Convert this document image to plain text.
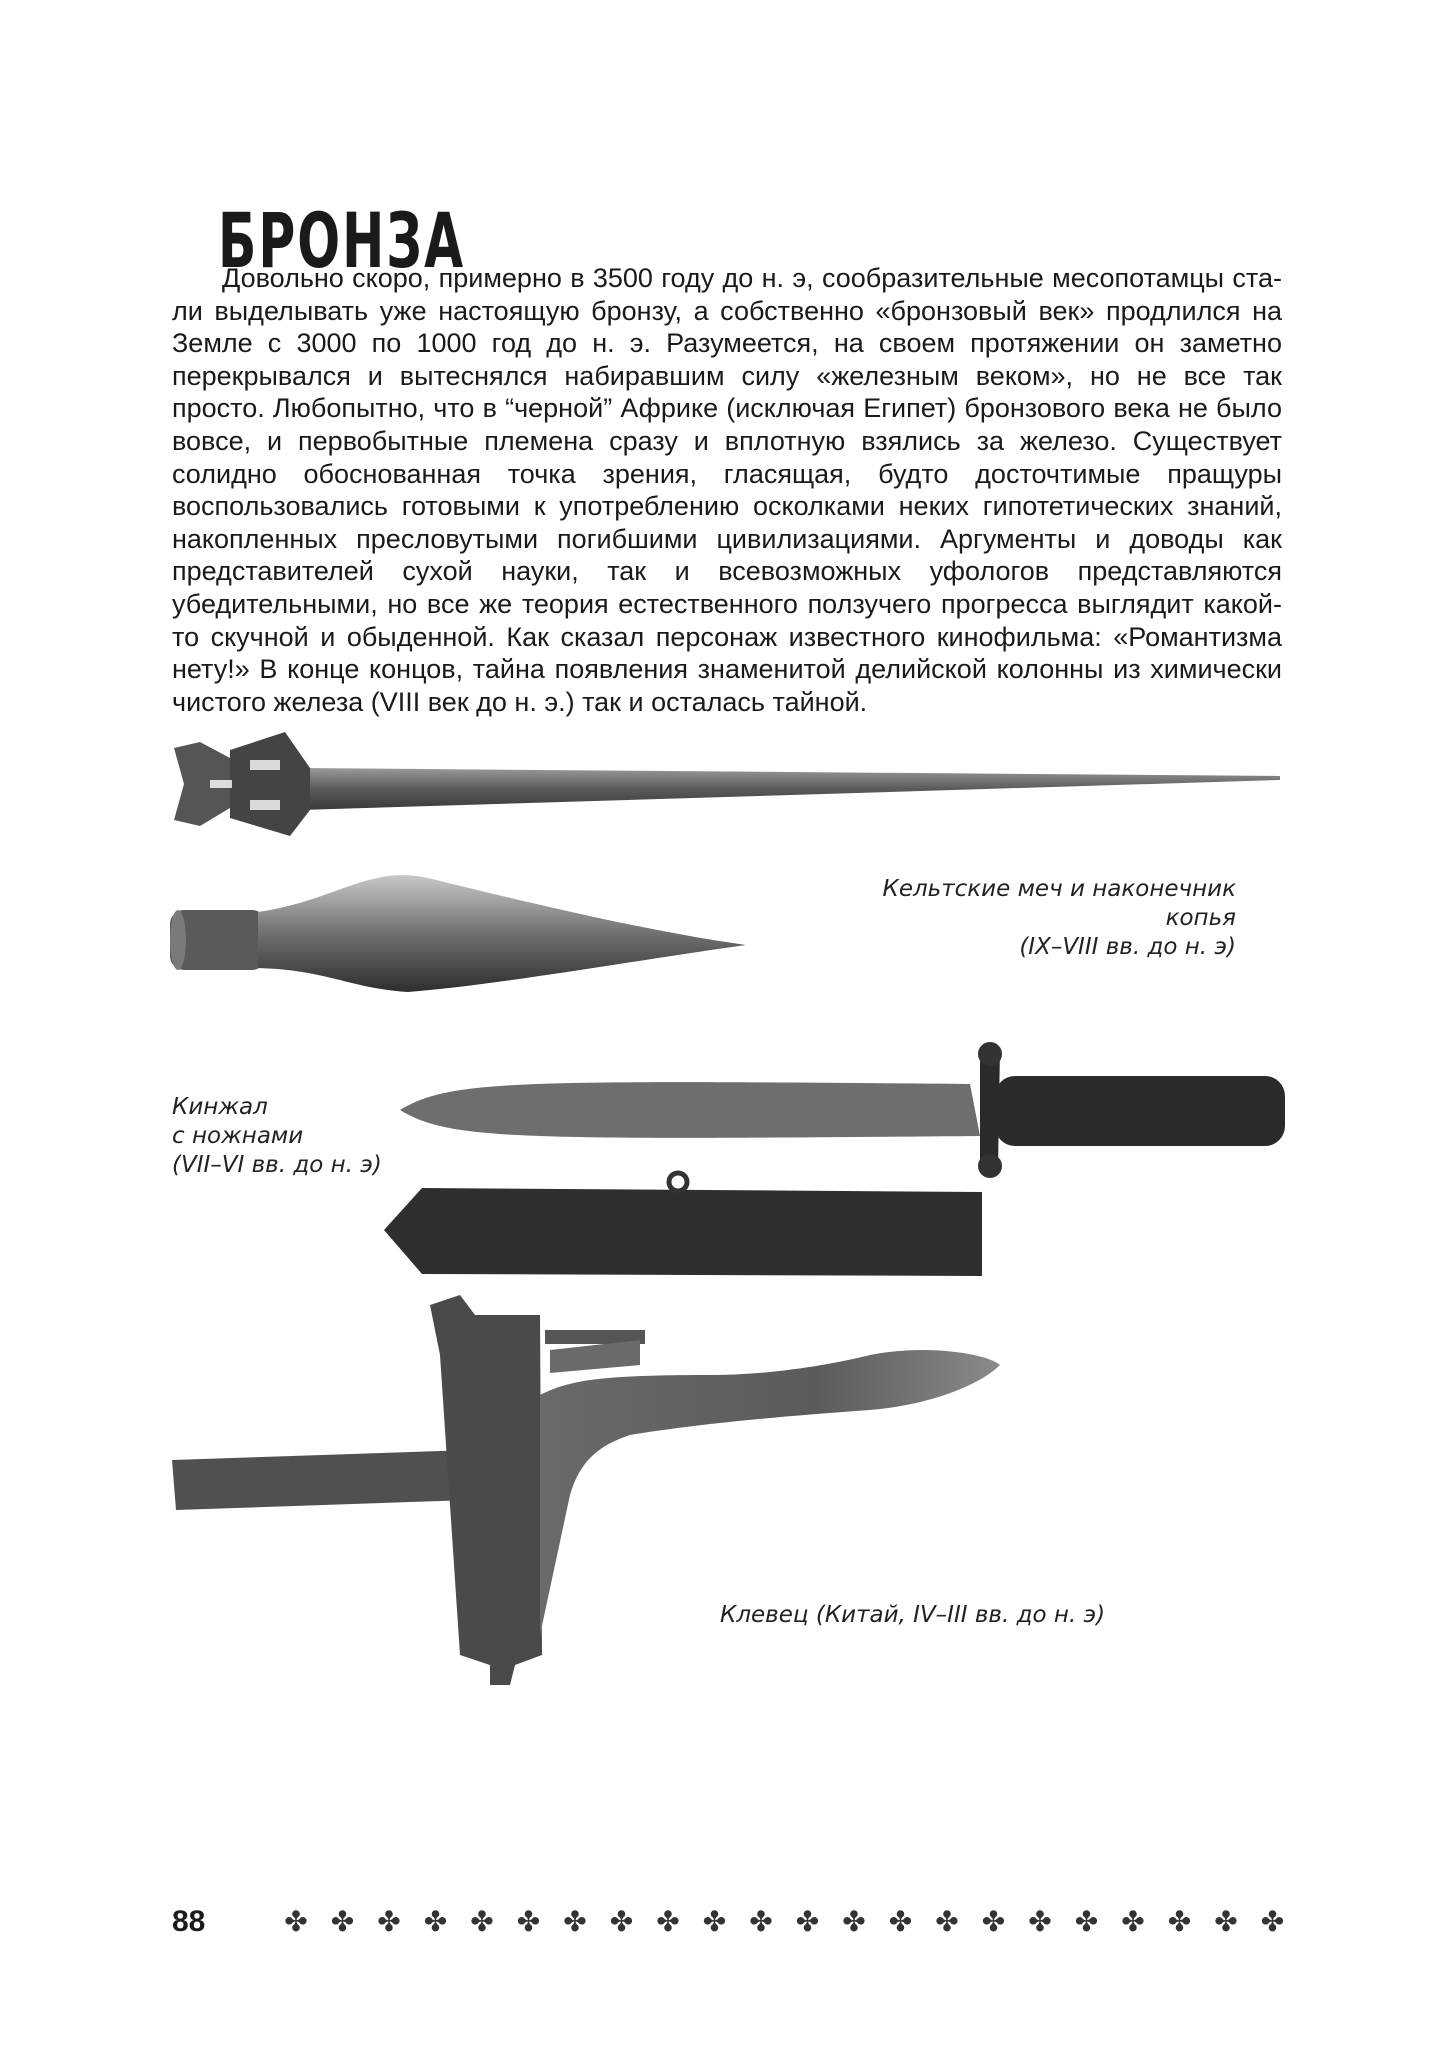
БРОНЗА
Довольно скоро, примерно в 3500 году до н. э, сообразительные месопотамцы стали выделывать уже настоящую бронзу, а собственно «бронзовый век» продлился на Земле с 3000 по 1000 год до н. э. Разумеется, на своем протяжении он заметно перекрывался и вытеснялся набиравшим силу «железным веком», но не все так просто. Любопытно, что в “черной” Африке (исключая Египет) бронзового века не было вовсе, и первобытные племена сразу и вплотную взялись за железо. Существует солидно обоснованная точка зрения, гласящая, будто досточтимые пращуры воспользовались готовыми к употреблению осколками неких гипотетических знаний, накопленных пресловутыми погибшими цивилизациями. Аргументы и доводы как представителей сухой науки, так и всевозможных уфологов представляются убедительными, но все же теория естественного ползучего прогресса выглядит какой-то скучной и обыденной. Как сказал персонаж известного кинофильма: «Романтизма нету!» В конце концов, тайна появления знаменитой делийской колонны из химически чистого железа (VIII век до н. э.) так и осталась тайной.
Кельтские меч и наконечник копья
(IX–VIII вв. до н. э)
Кинжал
с ножнами
(VII–VI вв. до н. э)
Клевец (Китай, IV–III вв. до н. э)
88	✤ ✤ ✤ ✤ ✤ ✤ ✤ ✤ ✤ ✤ ✤ ✤ ✤ ✤ ✤ ✤ ✤ ✤ ✤ ✤ ✤ ✤
